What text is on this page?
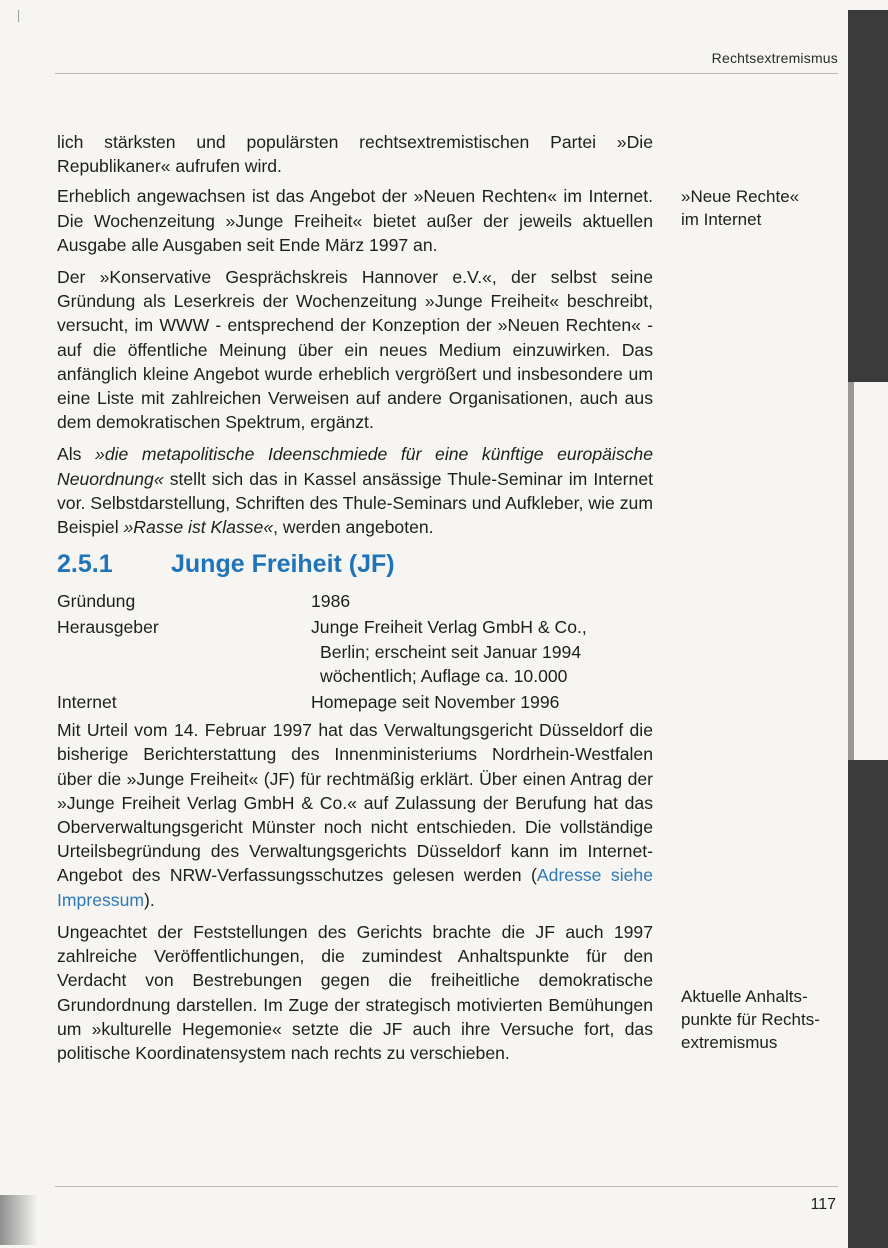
Rechtsextremismus

lich stärksten und populärsten rechtsextremistischen Partei »Die Republikaner« aufrufen wird.

Erheblich angewachsen ist das Angebot der »Neuen Rechten« im Internet. Die Wochenzeitung »Junge Freiheit« bietet außer der jeweils aktuellen Ausgabe alle Ausgaben seit Ende März 1997 an.

Der »Konservative Gesprächskreis Hannover e.V.«, der selbst seine Gründung als Leserkreis der Wochenzeitung »Junge Freiheit« beschreibt, versucht, im WWW - entsprechend der Konzeption der »Neuen Rechten« - auf die öffentliche Meinung über ein neues Medium einzuwirken. Das anfänglich kleine Angebot wurde erheblich vergrößert und insbesondere um eine Liste mit zahlreichen Verweisen auf andere Organisationen, auch aus dem demokratischen Spektrum, ergänzt.

Als »die metapolitische Ideenschmiede für eine künftige europäische Neuordnung« stellt sich das in Kassel ansässige Thule-Seminar im Internet vor. Selbstdarstellung, Schriften des Thule-Seminars und Aufkleber, wie zum Beispiel »Rasse ist Klasse«, werden angeboten.

2.5.1	Junge Freiheit (JF)
Gründung	1986
Herausgeber	Junge Freiheit Verlag GmbH & Co.,
Berlin; erscheint seit Januar 1994
wöchentlich; Auflage ca. 10.000
Internet	Homepage seit November 1996

Mit Urteil vom 14. Februar 1997 hat das Verwaltungsgericht Düsseldorf die bisherige Berichterstattung des Innenministeriums Nordrhein-Westfalen über die »Junge Freiheit« (JF) für rechtmäßig erklärt. Über einen Antrag der »Junge Freiheit Verlag GmbH & Co.« auf Zulassung der Berufung hat das Oberverwaltungsgericht Münster noch nicht entschieden. Die vollständige Urteilsbegründung des Verwaltungsgerichts Düsseldorf kann im Internet-Angebot des NRW-Verfassungsschutzes gelesen werden (Adresse siehe Impressum).

Ungeachtet der Feststellungen des Gerichts brachte die JF auch 1997 zahlreiche Veröffentlichungen, die zumindest Anhaltspunkte für den Verdacht von Bestrebungen gegen die freiheitliche demokratische Grundordnung darstellen. Im Zuge der strategisch motivierten Bemühungen um »kulturelle Hegemonie« setzte die JF auch ihre Versuche fort, das politische Koordinatensystem nach rechts zu verschieben.

»Neue Rechte«
im Internet
Aktuelle Anhalts-
punkte für Rechts-
extremismus
117
